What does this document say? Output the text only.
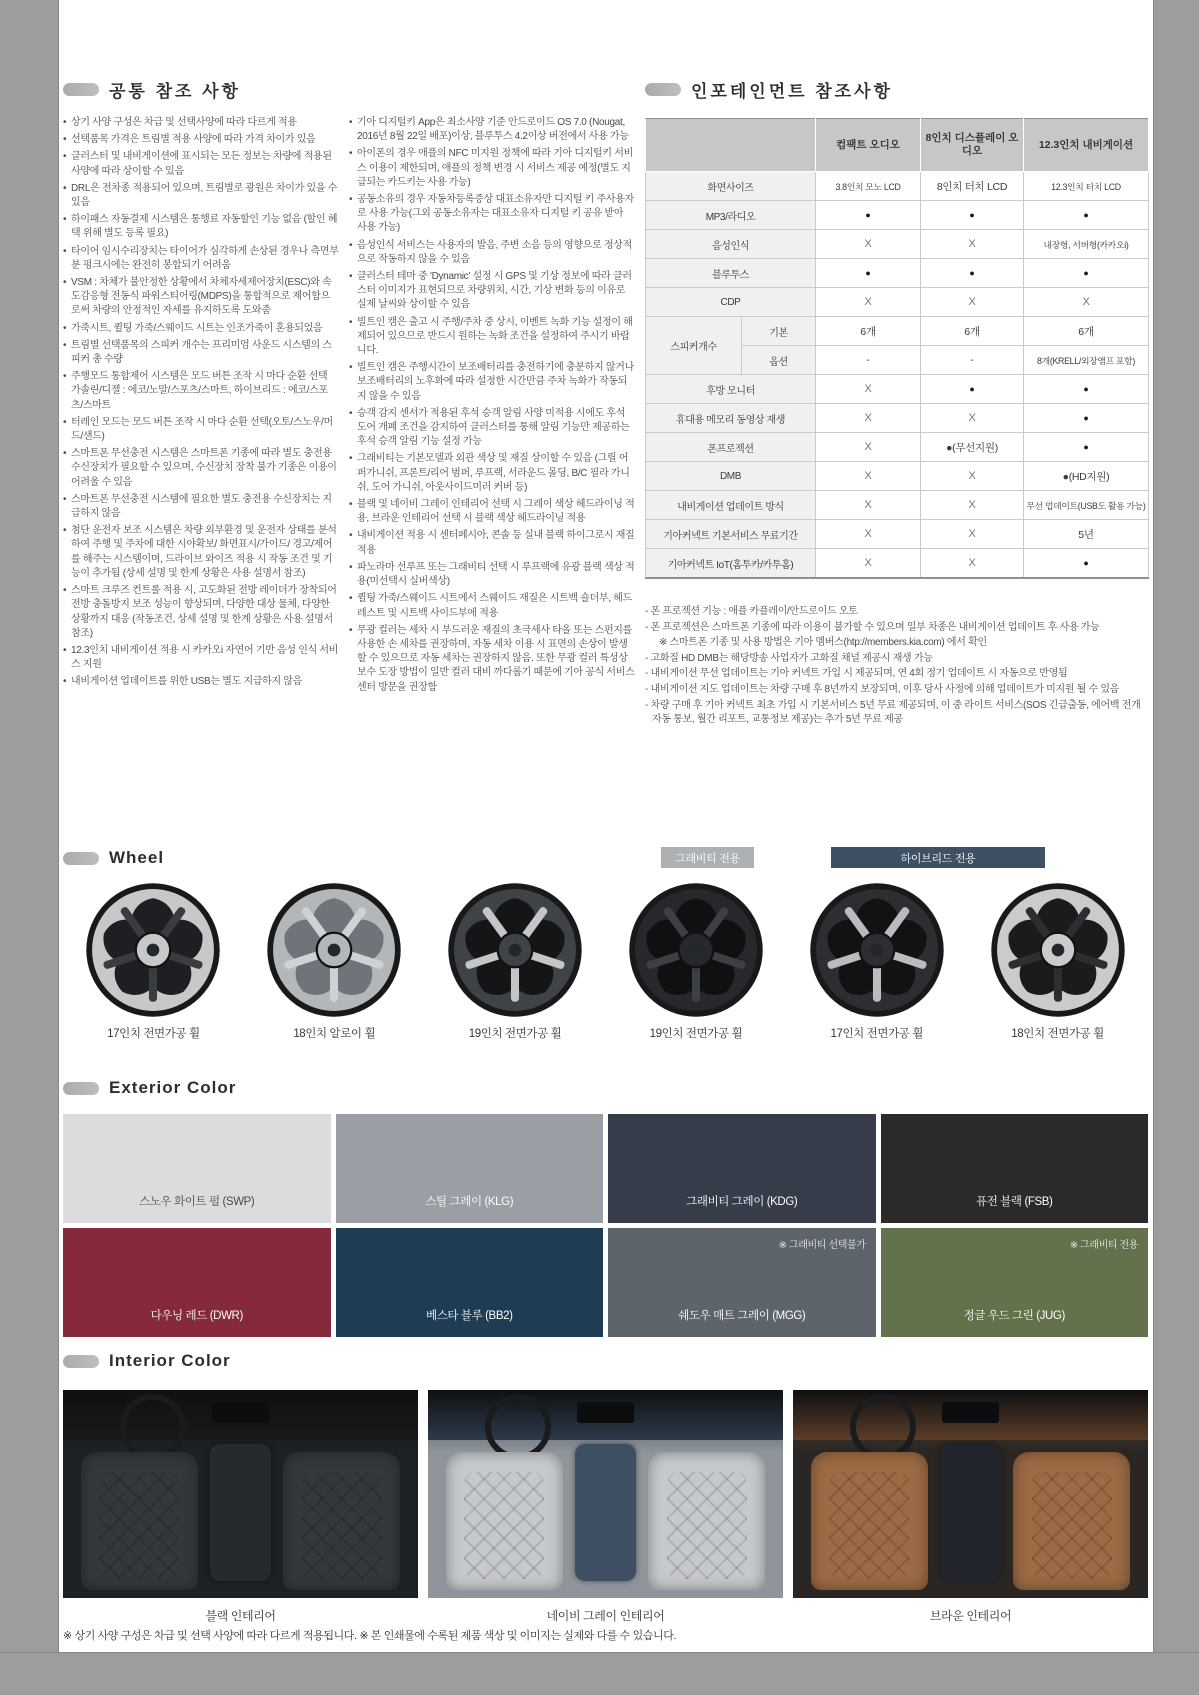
공통 참조 사항
• 상기 사양 구성은 차급 및 선택사양에 따라 다르게 적용
• 선택품목 가격은 트림별 적용 사양에 따라 가격 차이가 있음
• 클러스터 및 내비게이션에 표시되는 모든 정보는 차량에 적용된 사양에 따라 상이할 수 있음
• DRL은 전차종 적용되어 있으며, 트림별로 광원은 차이가 있을 수 있음
• 하이패스 자동결제 시스템은 통행료 자동할인 기능 없음 (할인 혜택 위해 별도 등록 필요)
• 타이어 임시수리장치는 타이어가 심각하게 손상된 경우나 측면부분 펑크시에는 완전히 봉합되기 어려움
• VSM : 차체가 불안정한 상황에서 차체자세제어장치(ESC)와 속도감응형 전동식 파워스티어링(MDPS)을 통합적으로 제어함으로써 차량의 안정적인 자세를 유지하도록 도와줌
• 가죽시트, 퀼팅 가죽/스웨이드 시트는 인조가죽이 혼용되었음
• 트림별 선택품목의 스피커 개수는 프리미엄 사운드 시스템의 스피커 총 수량
• 주행모드 통합제어 시스템은 모드 버튼 조작 시 마다 순환 선택 가솔린/디젤 : 에코/노말/스포츠/스마트, 하이브리드 : 에코/스포츠/스마트
• 터레인 모드는 모드 버튼 조작 시 마다 순환 선택(오토/스노우/머드/샌드)
• 스마트폰 무선충전 시스템은 스마트폰 기종에 따라 별도 충전용 수신장치가 필요할 수 있으며, 수신장치 장착 불가 기종은 이용이 어려울 수 있음
• 스마트폰 무선충전 시스템에 필요한 별도 충전용 수신장치는 지급하지 않음
• 첨단 운전자 보조 시스템은 차량 외부환경 및 운전자 상태를 분석하여 주행 및 주차에 대한 시야확보/ 화면표시/가이드/ 경고/제어를 해주는 시스템이며, 드라이브 와이즈 적용 시 작동 조건 및 기능이 추가됨 (상세 설명 및 한계 상황은 사용 설명서 참조)
• 스마트 크루즈 컨트롤 적용 시, 고도화된 전방 레이더가 장착되어 전방 충돌방지 보조 성능이 향상되며, 다양한 대상 물체, 다양한 상황까지 대응 (작동조건, 상세 설명 및 한계 상황은 사용 설명서 참조)
• 12.3인치 내비게이션 적용 시 카카오i 자연어 기반 음성 인식 서비스 지원
• 내비게이션 업데이트를 위한 USB는 별도 지급하지 않음
• 기아 디지털키 App은 최소사양 기준 안드로이드 OS 7.0 (Nougat, 2016년 8월 22일 배포)이상, 블루투스 4.2이상 버전에서 사용 가능
• 아이폰의 경우 애플의 NFC 미지원 정책에 따라 기아 디지털키 서비스 이용이 제한되며, 애플의 정책 변경 시 서비스 제공 예정(별도 지급되는 카드키는 사용 가능)
• 공동소유의 경우 자동차등록증상 대표소유자만 디지털 키 주사용자로 사용 가능(그외 공동소유자는 대표소유자 디지털 키 공유 받아 사용 가능)
• 음성인식 서비스는 사용자의 발음, 주변 소음 등의 영향으로 정상적으로 작동하지 않을 수 있음
• 클러스터 테마 중 'Dynamic' 설정 시 GPS 및 기상 정보에 따라 클러스터 이미지가 표현되므로 차량위치, 시간, 기상 변화 등의 이유로 실제 날씨와 상이할 수 있음
• 빌트인 캠은 출고 시 주행/주차 중 상시, 이벤트 녹화 기능 설정이 해제되어 있으므로 반드시 원하는 녹화 조건을 설정하여 주시기 바랍니다.
• 빌트인 캠은 주행시간이 보조배터리를 충전하기에 충분하지 않거나 보조배터리의 노후화에 따라 설정한 시간만큼 주차 녹화가 작동되지 않을 수 있음
• 승객 감지 센서가 적용된 후석 승객 알림 사양 미적용 시에도 후석 도어 개폐 조건을 감지하여 클러스터를 통해 알림 기능만 제공하는 후석 승객 알림 기능 설정 가능
• 그래비티는 기본모델과 외관 색상 및 재질 상이할 수 있음 (그릴 어퍼가니쉬, 프론트/리어 범퍼, 루프랙, 서라운드 몰딩, B/C 필라 가니쉬, 도어 가니쉬, 아웃사이드미러 커버 등)
• 블랙 및 네이비 그레이 인테리어 선택 시 그레이 색상 헤드라이닝 적용, 브라운 인테리어 선택 시 블랙 색상 헤드라이닝 적용
• 내비게이션 적용 시 센터페시아, 콘솔 등 실내 블랙 하이그로시 재질 적용
• 파노라마 선루프 또는 그래비티 선택 시 루프랙에 유광 블랙 색상 적용(미선택시 실버색상)
• 퀼팅 가죽/스웨이드 시트에서 스웨이드 재질은 시트백 숄더부, 헤드레스트 및 시트백 사이드부에 적용
• 무광 컬러는 세차 시 부드러운 재질의 초극세사 타올 또는 스펀지를 사용한 손 세차를 권장하며, 자동 세차 이용 시 표면의 손상이 발생할 수 있으므로 자동 세차는 권장하지 않음. 또한 무광 컬러 특성상 보수 도장 방법이 일반 컬러 대비 까다롭기 때문에 기아 공식 서비스 센터 방문을 권장함
인포테인먼트 참조사항
		컴팩트 오디오	8인치 디스플레이 오디오	12.3인치 내비게이션
화면사이즈		3.8인치 모노 LCD	8인치 터치 LCD	12.3인치 터치 LCD
MP3/라디오		●	●	●
음성인식		X	X	내장형, 서버형(카카오i)
블루투스		●	●	●
CDP		X	X	X
스피커개수	기본	6개	6개	6개
	옵션	-	-	8개(KRELL/외장앰프 포함)
후방 모니터		X	●	●
휴대용 메모리 동영상 재생		X	X	●
폰프로젝션		X	●(무선지원)	●
DMB		X	X	●(HD지원)
내비게이션 업데이트 방식		X	X	무선 업데이트(USB도 활용 가능)
기아커넥트 기본서비스 무료기간		X	X	5년
기아커넥트 IoT(홈투카/카투홈)		X	X	●
- 폰 프로젝션 기능 : 애플 카플레이/안드로이드 오토
- 폰 프로젝션은 스마트폰 기종에 따라 이용이 불가할 수 있으며 일부 차종은 내비게이션 업데이트 후 사용 가능
※ 스마트폰 기종 및 사용 방법은 기아 멤버스(htp://members.kia.com) 에서 확인
- 고화질 HD DMB는 해당방송 사업자가 고화질 채널 제공시 재생 가능
- 내비게이션 무선 업데이트는 기아 커넥트 가입 시 제공되며, 연 4회 정기 업데이트 시 자동으로 반영됨
- 내비게이션 지도 업데이트는 차량 구매 후 8년까지 보장되며, 이후 당사 사정에 의해 업데이트가 미지원 될 수 있음
- 차량 구매 후 기아 커넥트 최초 가입 시 기본서비스 5년 무료 제공되며, 이 중 라이트 서비스(SOS 긴급출동, 에어백 전개 자동 통보, 월간 리포트, 교통정보 제공)는 추가 5년 무료 제공
Wheel	그래비티 전용	하이브리드 전용
17인치 전면가공 휠	18인치 알로이 휠	19인치 전면가공 휠	19인치 전면가공 휠	17인치 전면가공 휠	18인치 전면가공 휠
Exterior Color
스노우 화이트 펄 (SWP)	스틸 그레이 (KLG)	그래비티 그레이 (KDG)	퓨전 블랙 (FSB)
다우닝 레드 (DWR)	베스타 블루 (BB2)
※ 그래비티 선택불가
쉐도우 매트 그레이 (MGG)
※ 그래비티 전용
정글 우드 그린 (JUG)
Interior Color
블랙 인테리어	네이비 그레이 인테리어	브라운 인테리어
※ 상기 사양 구성은 차급 및 선택 사양에 따라 다르게 적용됩니다. ※ 본 인쇄물에 수록된 제품 색상 및 이미지는 실제와 다를 수 있습니다.
